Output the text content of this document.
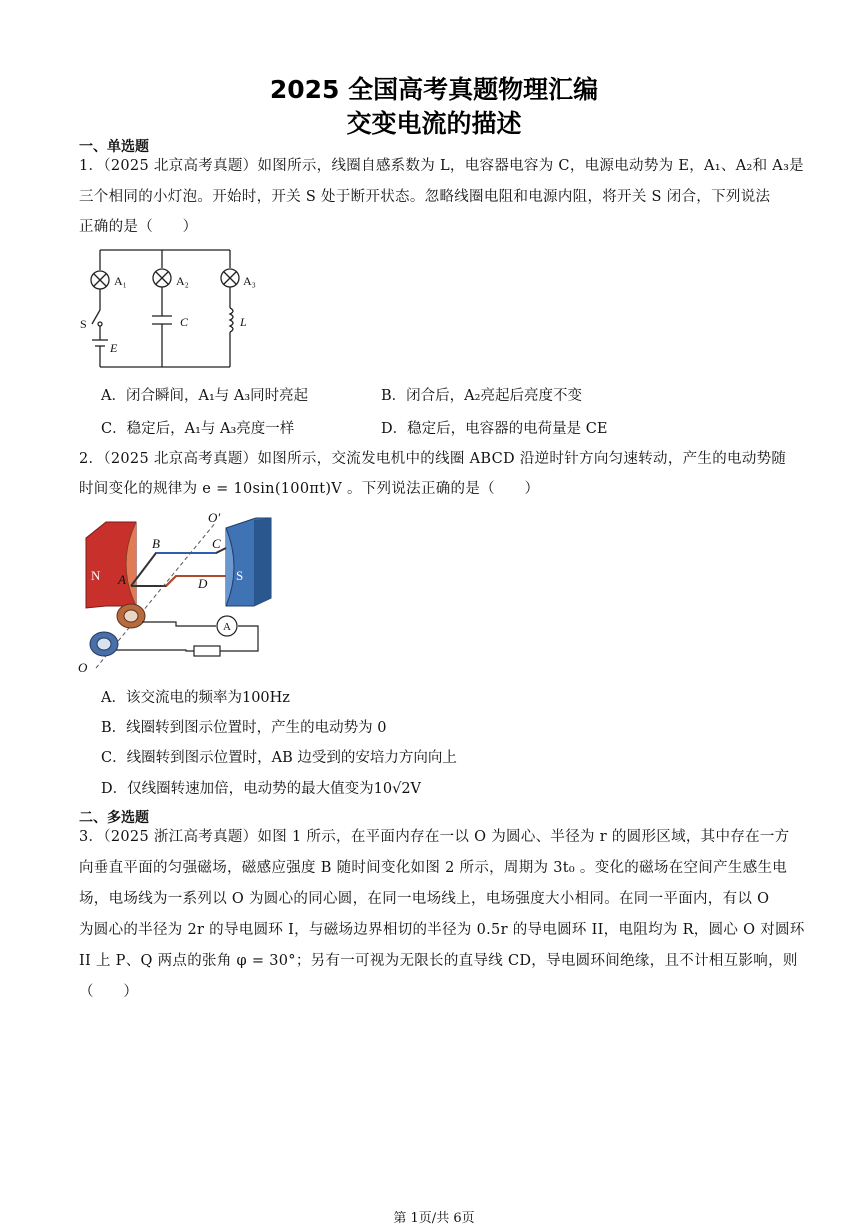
2025 全国高考真题物理汇编
交变电流的描述
一、单选题
1．（2025 北京高考真题）如图所示，线圈自感系数为 L，电容器电容为 C，电源电动势为 E，A₁、A₂和 A₃是
三个相同的小灯泡。开始时，开关 S 处于断开状态。忽略线圈电阻和电源内阻，将开关 S 闭合，下列说法
正确的是（　　）
A₁	A₂	A₃
S	C	L
E
A．闭合瞬间，A₁与 A₃同时亮起	B．闭合后，A₂亮起后亮度不变
C．稳定后，A₁与 A₃亮度一样	D．稳定后，电容器的电荷量是 CE
2．（2025 北京高考真题）如图所示，交流发电机中的线圈 ABCD 沿逆时针方向匀速转动，产生的电动势随
时间变化的规律为 e = 10sin(100πt)V 。下列说法正确的是（　　）
A
N	S
A
B	C
D
O′
O
A．该交流电的频率为100Hz
B．线圈转到图示位置时，产生的电动势为 0
C．线圈转到图示位置时，AB 边受到的安培力方向向上
D．仅线圈转速加倍，电动势的最大值变为10√2V
二、多选题
3．（2025 浙江高考真题）如图 1 所示，在平面内存在一以 O 为圆心、半径为 r 的圆形区域，其中存在一方
向垂直平面的匀强磁场，磁感应强度 B 随时间变化如图 2 所示，周期为 3t₀ 。变化的磁场在空间产生感生电
场，电场线为一系列以 O 为圆心的同心圆，在同一电场线上，电场强度大小相同。在同一平面内，有以 O
为圆心的半径为 2r 的导电圆环 I，与磁场边界相切的半径为 0.5r 的导电圆环 II，电阻均为 R，圆心 O 对圆环
II 上 P、Q 两点的张角 φ = 30°；另有一可视为无限长的直导线 CD，导电圆环间绝缘，且不计相互影响，则
（　　）
第 1页/共 6页
